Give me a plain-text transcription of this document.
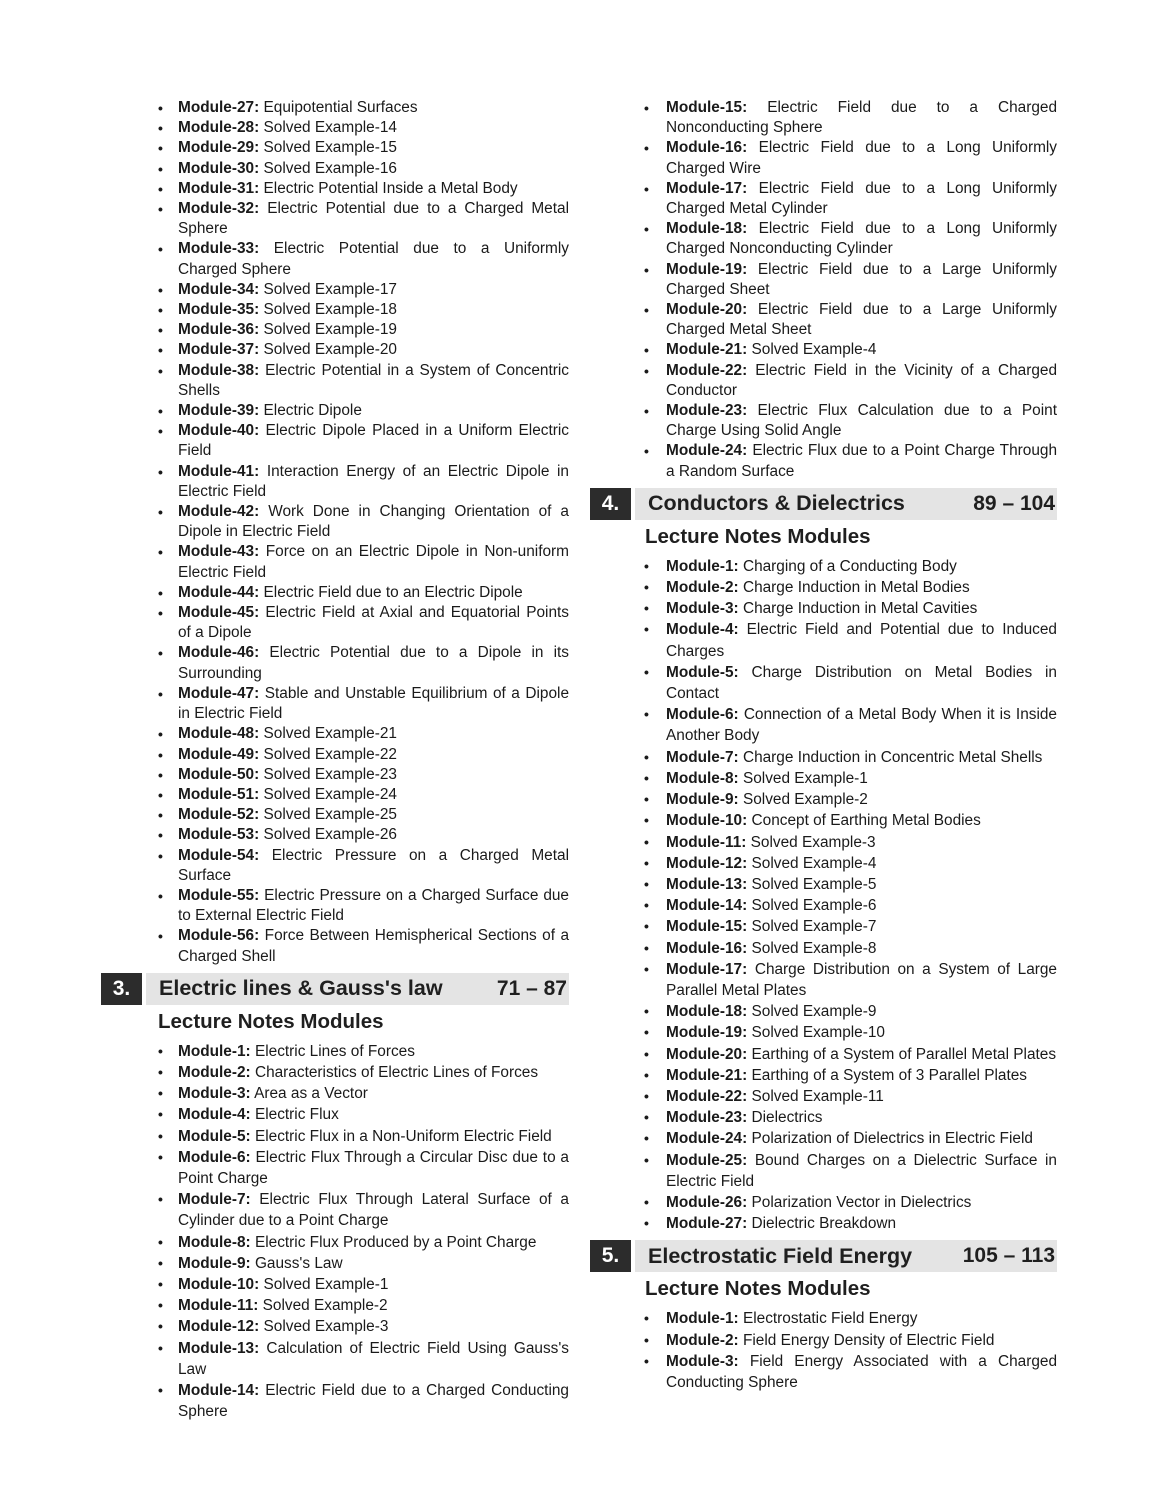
• Module-27: Equipotential Surfaces
• Module-28: Solved Example-14
• Module-29: Solved Example-15
• Module-30: Solved Example-16
• Module-31: Electric Potential Inside a Metal Body
• Module-32: Electric Potential due to a Charged Metal Sphere
• Module-33: Electric Potential due to a Uniformly Charged Sphere
• Module-34: Solved Example-17
• Module-35: Solved Example-18
• Module-36: Solved Example-19
• Module-37: Solved Example-20
• Module-38: Electric Potential in a System of Concentric Shells
• Module-39: Electric Dipole
• Module-40: Electric Dipole Placed in a Uniform Electric Field
• Module-41: Interaction Energy of an Electric Dipole in Electric Field
• Module-42: Work Done in Changing Orientation of a Dipole in Electric Field
• Module-43: Force on an Electric Dipole in Non-uniform Electric Field
• Module-44: Electric Field due to an Electric Dipole
• Module-45: Electric Field at Axial and Equatorial Points of a Dipole
• Module-46: Electric Potential due to a Dipole in its Surrounding
• Module-47: Stable and Unstable Equilibrium of a Dipole in Electric Field
• Module-48: Solved Example-21
• Module-49: Solved Example-22
• Module-50: Solved Example-23
• Module-51: Solved Example-24
• Module-52: Solved Example-25
• Module-53: Solved Example-26
• Module-54: Electric Pressure on a Charged Metal Surface
• Module-55: Electric Pressure on a Charged Surface due to External Electric Field
• Module-56: Force Between Hemispherical Sections of a Charged Shell
3.	Electric lines & Gauss's law	71 – 87
Lecture Notes Modules
• Module-1: Electric Lines of Forces
• Module-2: Characteristics of Electric Lines of Forces
• Module-3: Area as a Vector
• Module-4: Electric Flux
• Module-5: Electric Flux in a Non-Uniform Electric Field
• Module-6: Electric Flux Through a Circular Disc due to a Point Charge
• Module-7: Electric Flux Through Lateral Surface of a Cylinder due to a Point Charge
• Module-8: Electric Flux Produced by a Point Charge
• Module-9: Gauss's Law
• Module-10: Solved Example-1
• Module-11: Solved Example-2
• Module-12: Solved Example-3
• Module-13: Calculation of Electric Field Using Gauss's Law
• Module-14: Electric Field due to a Charged Conducting Sphere
• Module-15: Electric Field due to a Charged Nonconducting Sphere
• Module-16: Electric Field due to a Long Uniformly Charged Wire
• Module-17: Electric Field due to a Long Uniformly Charged Metal Cylinder
• Module-18: Electric Field due to a Long Uniformly Charged Nonconducting Cylinder
• Module-19: Electric Field due to a Large Uniformly Charged Sheet
• Module-20: Electric Field due to a Large Uniformly Charged Metal Sheet
• Module-21: Solved Example-4
• Module-22: Electric Field in the Vicinity of a Charged Conductor
• Module-23: Electric Flux Calculation due to a Point Charge Using Solid Angle
• Module-24: Electric Flux due to a Point Charge Through a Random Surface
4.	Conductors & Dielectrics	89 – 104
Lecture Notes Modules
• Module-1: Charging of a Conducting Body
• Module-2: Charge Induction in Metal Bodies
• Module-3: Charge Induction in Metal Cavities
• Module-4: Electric Field and Potential due to Induced Charges
• Module-5: Charge Distribution on Metal Bodies in Contact
• Module-6: Connection of a Metal Body When it is Inside Another Body
• Module-7: Charge Induction in Concentric Metal Shells
• Module-8: Solved Example-1
• Module-9: Solved Example-2
• Module-10: Concept of Earthing Metal Bodies
• Module-11: Solved Example-3
• Module-12: Solved Example-4
• Module-13: Solved Example-5
• Module-14: Solved Example-6
• Module-15: Solved Example-7
• Module-16: Solved Example-8
• Module-17: Charge Distribution on a System of Large Parallel Metal Plates
• Module-18: Solved Example-9
• Module-19: Solved Example-10
• Module-20: Earthing of a System of Parallel Metal Plates
• Module-21: Earthing of a System of 3 Parallel Plates
• Module-22: Solved Example-11
• Module-23: Dielectrics
• Module-24: Polarization of Dielectrics in Electric Field
• Module-25: Bound Charges on a Dielectric Surface in Electric Field
• Module-26: Polarization Vector in Dielectrics
• Module-27: Dielectric Breakdown
5.	Electrostatic Field Energy 105 – 113
Lecture Notes Modules
• Module-1: Electrostatic Field Energy
• Module-2: Field Energy Density of Electric Field
• Module-3: Field Energy Associated with a Charged Conducting Sphere
